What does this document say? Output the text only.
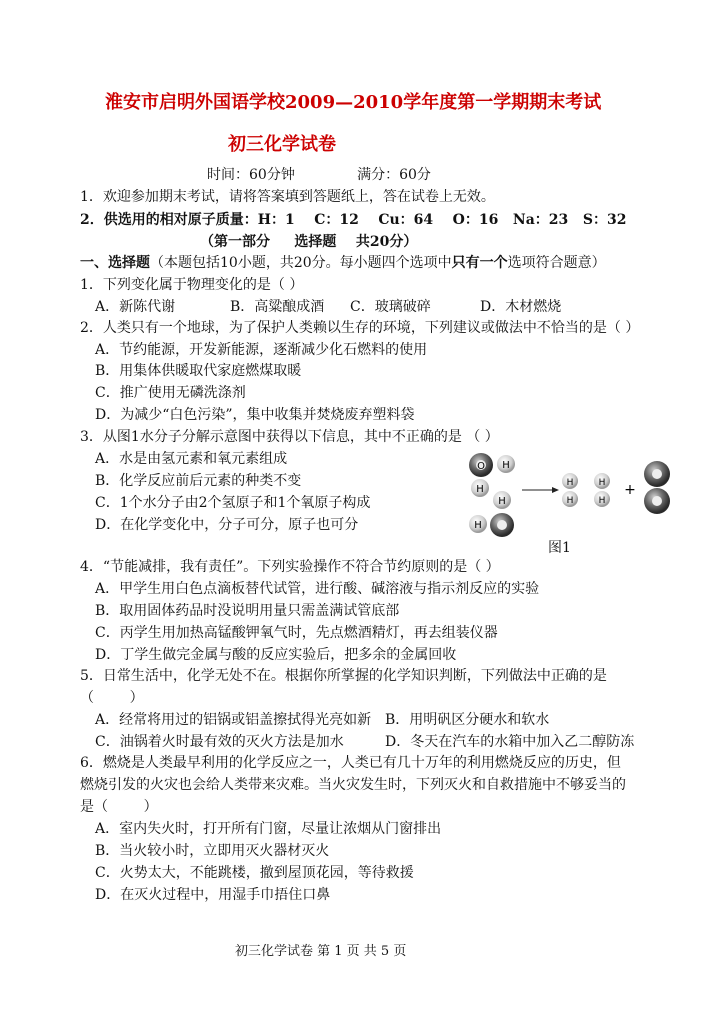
淮安市启明外国语学校2009—2010学年度第一学期期末考试
初三化学试卷
时间：60分钟              满分：60分
1．欢迎参加期末考试，请将答案填到答题纸上，答在试卷上无效。
2．供选用的相对原子质量：H：1    C：12    Cu：64    O：16   Na：23   S：32
（第一部分     选择题    共20分）
一、选择题（本题包括10小题，共20分。每小题四个选项中只有一个选项符合题意）
1．下列变化属于物理变化的是（ ）
A．新陈代谢	B．高粱酿成酒 C．玻璃破碎	D．木材燃烧
2．人类只有一个地球，为了保护人类赖以生存的环境，下列建议或做法中不恰当的是（ ）
A．节约能源，开发新能源，逐渐减少化石燃料的使用
B．用集体供暖取代家庭燃煤取暖
C．推广使用无磷洗涤剂
D．为减少“白色污染”，集中收集并焚烧废弃塑料袋
3．从图1水分子分解示意图中获得以下信息，其中不正确的是 （ ）
A．水是由氢元素和氧元素组成
B．化学反应前后元素的种类不变
C．1个水分子由2个氢原子和1个氧原子构成
D．在化学变化中，分子可分，原子也可分
O H
H
H
H
H
H
H
H
+
图1
4．“节能减排，我有责任”。下列实验操作不符合节约原则的是（ ）
A．甲学生用白色点滴板替代试管，进行酸、碱溶液与指示剂反应的实验
B．取用固体药品时没说明用量只需盖满试管底部
C．丙学生用加热高锰酸钾氧气时，先点燃酒精灯，再去组装仪器
D．丁学生做完金属与酸的反应实验后，把多余的金属回收
5．日常生活中，化学无处不在。根据你所掌握的化学知识判断，下列做法中正确的是
（        ）
A．经常将用过的铝锅或铝盖擦拭得光亮如新 B．用明矾区分硬水和软水
C．油锅着火时最有效的灭火方法是加水	D．冬天在汽车的水箱中加入乙二醇防冻
6．燃烧是人类最早利用的化学反应之一，人类已有几十万年的利用燃烧反应的历史，但
燃烧引发的火灾也会给人类带来灾难。当火灾发生时，下列灭火和自救措施中不够妥当的
是（        ）
A．室内失火时，打开所有门窗，尽量让浓烟从门窗排出
B．当火较小时，立即用灭火器材灭火
C．火势太大，不能跳楼，撤到屋顶花园，等待救援
D．在灭火过程中，用湿手巾捂住口鼻
初三化学试卷 第 1 页 共 5 页
